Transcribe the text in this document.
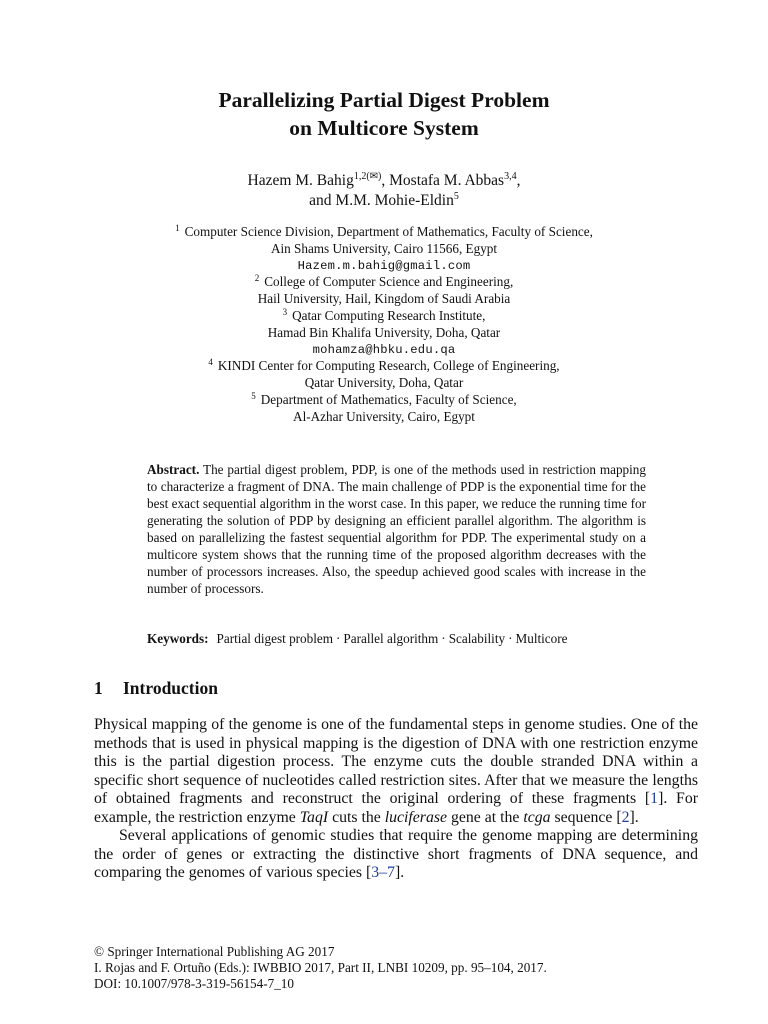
Parallelizing Partial Digest Problem
on Multicore System
Hazem M. Bahig$^{1,2(✉)}$, Mostafa M. Abbas$^{3,4}$,
and M.M. Mohie-Eldin$^5$
$^1$ Computer Science Division, Department of Mathematics, Faculty of Science,
Ain Shams University, Cairo 11566, Egypt
Hazem.m.bahig@gmail.com
$^2$ College of Computer Science and Engineering,
Hail University, Hail, Kingdom of Saudi Arabia
$^3$ Qatar Computing Research Institute,
Hamad Bin Khalifa University, Doha, Qatar
mohamza@hbku.edu.qa
$^4$ KINDI Center for Computing Research, College of Engineering,
Qatar University, Doha, Qatar
$^5$ Department of Mathematics, Faculty of Science,
Al-Azhar University, Cairo, Egypt
Abstract. The partial digest problem, PDP, is one of the methods used in restriction mapping to characterize a fragment of DNA. The main challenge of PDP is the exponential time for the best exact sequential algorithm in the worst case. In this paper, we reduce the running time for generating the solution of PDP by designing an efficient parallel algorithm. The algorithm is based on parallelizing the fastest sequential algorithm for PDP. The experimental study on a multicore system shows that the running time of the proposed algorithm decreases with the number of processors increases. Also, the speedup achieved good scales with increase in the number of processors.
Keywords: Partial digest problem · Parallel algorithm · Scalability · Multicore
1 Introduction

Physical mapping of the genome is one of the fundamental steps in genome studies. One of the methods that is used in physical mapping is the digestion of DNA with one restriction enzyme this is the partial digestion process. The enzyme cuts the double stranded DNA within a specific short sequence of nucleotides called restriction sites. After that we measure the lengths of obtained fragments and reconstruct the original ordering of these fragments [1]. For example, the restriction enzyme TaqI cuts the luciferase gene at the tcga sequence [2].

Several applications of genomic studies that require the genome mapping are determining the order of genes or extracting the distinctive short fragments of DNA sequence, and comparing the genomes of various species [3–7].

© Springer International Publishing AG 2017
I. Rojas and F. Ortuño (Eds.): IWBBIO 2017, Part II, LNBI 10209, pp. 95–104, 2017.
DOI: 10.1007/978-3-319-56154-7_10
